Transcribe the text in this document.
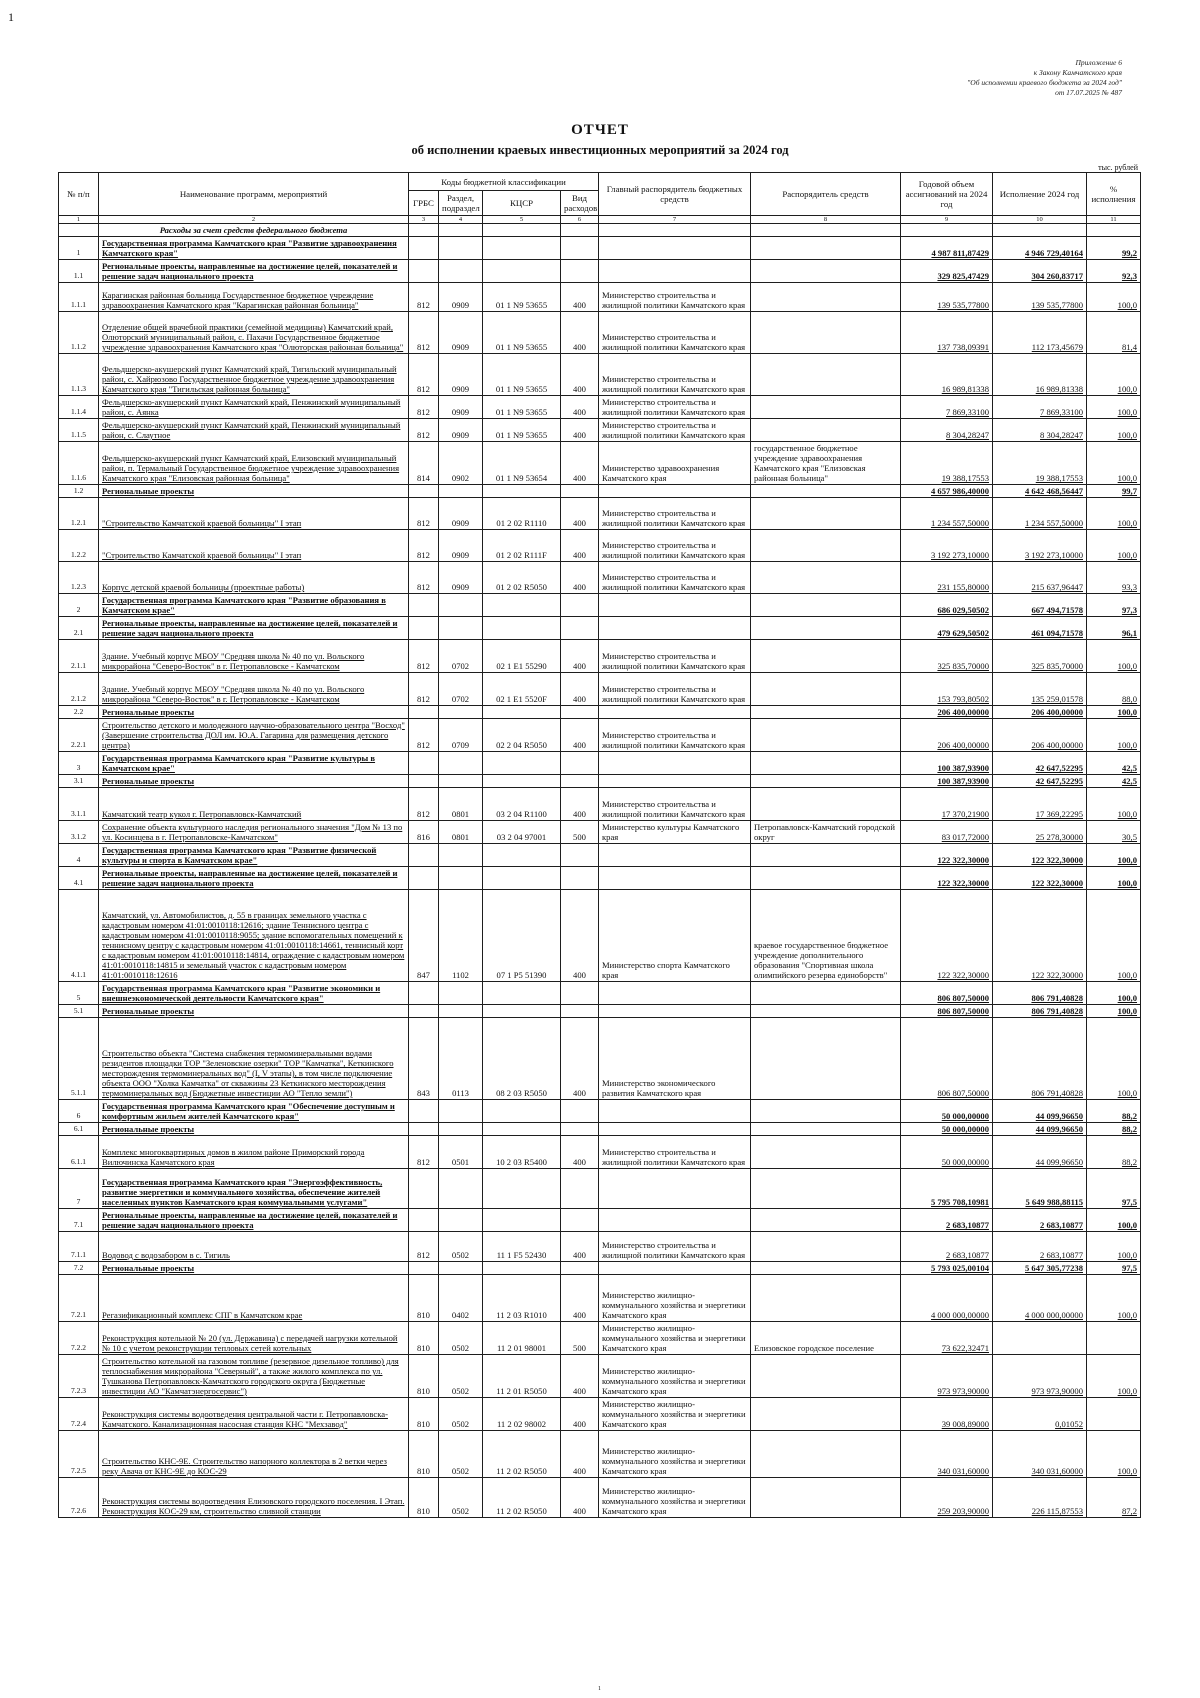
1
Приложение 6
к Закону Камчатского края
"Об исполнении краевого бюджета за 2024 год"
от 17.07.2025 № 487
ОТЧЕТ
об исполнении краевых инвестиционных мероприятий за 2024 год
тыс. рублей
№ п/п	Наименование программ, мероприятий	Коды бюджетной классификации				Главный распорядитель бюджетных средств	Распорядитель средств	Годовой объем ассигнований на 2024 год	Исполнение 2024 год	% исполнения
		ГРБС	Раздел, подраздел	КЦСР	Вид расходов					
1	2	3	4	5	6	7	8	9	10	11
	Расходы за счет средств федерального бюджета									
1	Государственная программа Камчатского края "Развитие здравоохранения Камчатского края"							4 987 811,87429	4 946 729,40164	99,2
1.1	Региональные проекты, направленные на достижение целей, показателей и решение задач национального проекта							329 825,47429	304 260,83717	92,3
1.1.1	Карагинская районная больница Государственное бюджетное учреждение здравоохранения Камчатского края "Карагинская районная больница"	812	0909	01 1 N9 53655	400	Министерство строительства и жилищной политики Камчатского края		139 535,77800	139 535,77800	100,0
1.1.2	Отделение общей врачебной практики (семейной медицины) Камчатский край, Олюторский муниципальный район, с. Пахачи Государственное бюджетное учреждение здравоохранения Камчатского края "Олюторская районная больница"	812	0909	01 1 N9 53655	400	Министерство строительства и жилищной политики Камчатского края		137 738,09391	112 173,45679	81,4
1.1.3	Фельдшерско-акушерский пункт Камчатский край, Тигильский муниципальный район, с. Хайрюзово Государственное бюджетное учреждение здравоохранения Камчатского края "Тигильская районная больница"	812	0909	01 1 N9 53655	400	Министерство строительства и жилищной политики Камчатского края		16 989,81338	16 989,81338	100,0
1.1.4	Фельдшерско-акушерский пункт Камчатский край, Пенжинский муниципальный район, с. Аянка	812	0909	01 1 N9 53655	400	Министерство строительства и жилищной политики Камчатского края		7 869,33100	7 869,33100	100,0
1.1.5	Фельдшерско-акушерский пункт Камчатский край, Пенжинский муниципальный район, с. Слаутное	812	0909	01 1 N9 53655	400	Министерство строительства и жилищной политики Камчатского края		8 304,28247	8 304,28247	100,0
1.1.6	Фельдшерско-акушерский пункт Камчатский край, Елизовский муниципальный район, п. Термальный Государственное бюджетное учреждение здравоохранения Камчатского края "Елизовская районная больница"	814	0902	01 1 N9 53654	400	Министерство здравоохранения Камчатского края	государственное бюджетное учреждение здравоохранения Камчатского края "Елизовская районная больница"	19 388,17553	19 388,17553	100,0
1.2	Региональные проекты							4 657 986,40000	4 642 468,56447	99,7
1.2.1	"Строительство Камчатской краевой больницы" I этап	812	0909	01 2 02 R1110	400	Министерство строительства и жилищной политики Камчатского края		1 234 557,50000	1 234 557,50000	100,0
1.2.2	"Строительство Камчатской краевой больницы" I этап	812	0909	01 2 02 R111F	400	Министерство строительства и жилищной политики Камчатского края		3 192 273,10000	3 192 273,10000	100,0
1.2.3	Корпус детской краевой больницы (проектные работы)	812	0909	01 2 02 R5050	400	Министерство строительства и жилищной политики Камчатского края		231 155,80000	215 637,96447	93,3
2	Государственная программа Камчатского края "Развитие образования в Камчатском крае"							686 029,50502	667 494,71578	97,3
2.1	Региональные проекты, направленные на достижение целей, показателей и решение задач национального проекта							479 629,50502	461 094,71578	96,1
2.1.1	Здание. Учебный корпус МБОУ "Средняя школа № 40 по ул. Вольского микрорайона "Северо-Восток" в г. Петропавловске - Камчатском	812	0702	02 1 E1 55290	400	Министерство строительства и жилищной политики Камчатского края		325 835,70000	325 835,70000	100,0
2.1.2	Здание. Учебный корпус МБОУ "Средняя школа № 40 по ул. Вольского микрорайона "Северо-Восток" в г. Петропавловске - Камчатском	812	0702	02 1 E1 5520F	400	Министерство строительства и жилищной политики Камчатского края		153 793,80502	135 259,01578	88,0
2.2	Региональные проекты							206 400,00000	206 400,00000	100,0
2.2.1	Строительство детского и молодежного научно-образовательного центра "Восход" (Завершение строительства ДОЛ им. Ю.А. Гагарина для размещения детского центра)	812	0709	02 2 04 R5050	400	Министерство строительства и жилищной политики Камчатского края		206 400,00000	206 400,00000	100,0
3	Государственная программа Камчатского края "Развитие культуры в Камчатском крае"							100 387,93900	42 647,52295	42,5
3.1	Региональные проекты							100 387,93900	42 647,52295	42,5
3.1.1	Камчатский театр кукол г. Петропавловск-Камчатский	812	0801	03 2 04 R1100	400	Министерство строительства и жилищной политики Камчатского края		17 370,21900	17 369,22295	100,0
3.1.2	Сохранение объекта культурного наследия регионального значения "Дом № 13 по ул. Косинцева в г. Петропавловске-Камчатском"	816	0801	03 2 04 97001	500	Министерство культуры Камчатского края	Петропавловск-Камчатский городской округ	83 017,72000	25 278,30000	30,5
4	Государственная программа Камчатского края "Развитие физической культуры и спорта в Камчатском крае"							122 322,30000	122 322,30000	100,0
4.1	Региональные проекты, направленные на достижение целей, показателей и решение задач национального проекта							122 322,30000	122 322,30000	100,0
4.1.1	Камчатский, ул. Автомобилистов, д. 55 в границах земельного участка с кадастровым номером 41:01:0010118:12616; здание Теннисного центра с кадастровым номером 41:01:0010118:9055; здание вспомогательных помещений к теннисному центру с кадастровым номером 41:01:0010118:14661, теннисный корт с кадастровым номером 41:01:0010118:14814, ограждение с кадастровым номером 41:01:0010118:14815 и земельный участок с кадастровым номером 41:01:0010118:12616	847	1102	07 1 P5 51390	400	Министерство спорта Камчатского края	краевое государственное бюджетное учреждение дополнительного образования "Спортивная школа олимпийского резерва единоборств"	122 322,30000	122 322,30000	100,0
5	Государственная программа Камчатского края "Развитие экономики и внешнеэкономической деятельности Камчатского края"							806 807,50000	806 791,40828	100,0
5.1	Региональные проекты							806 807,50000	806 791,40828	100,0
5.1.1	Строительство объекта "Система снабжения термоминеральными водами резидентов площадки ТОР "Зеленовские озерки" ТОР "Камчатка", Кеткинского месторождения термоминеральных вод" (I, V этапы), в том числе подключение объекта ООО "Холка Камчатка" от скважины 23 Кеткинского месторождения термоминеральных вод (Бюджетные инвестиции АО "Тепло земли")	843	0113	08 2 03 R5050	400	Министерство экономического развития Камчатского края		806 807,50000	806 791,40828	100,0
6	Государственная программа Камчатского края "Обеспечение доступным и комфортным жильем жителей Камчатского края"							50 000,00000	44 099,96650	88,2
6.1	Региональные проекты							50 000,00000	44 099,96650	88,2
6.1.1	Комплекс многоквартирных домов в жилом районе Приморский города Вилючинска Камчатского края	812	0501	10 2 03 R5400	400	Министерство строительства и жилищной политики Камчатского края		50 000,00000	44 099,96650	88,2
7	Государственная программа Камчатского края "Энергоэффективность, развитие энергетики и коммунального хозяйства, обеспечение жителей населенных пунктов Камчатского края коммунальными услугами"							5 795 708,10981	5 649 988,88115	97,5
7.1	Региональные проекты, направленные на достижение целей, показателей и решение задач национального проекта							2 683,10877	2 683,10877	100,0
7.1.1	Водовод с водозабором в с. Тигиль	812	0502	11 1 F5 52430	400	Министерство строительства и жилищной политики Камчатского края		2 683,10877	2 683,10877	100,0
7.2	Региональные проекты							5 793 025,00104	5 647 305,77238	97,5
7.2.1	Регазификационный комплекс СПГ в Камчатском крае	810	0402	11 2 03 R1010	400	Министерство жилищно-коммунального хозяйства и энергетики Камчатского края		4 000 000,00000	4 000 000,00000	100,0
7.2.2	Реконструкция котельной № 20 (ул. Державина) с передачей нагрузки котельной № 10 с учетом реконструкции тепловых сетей котельных	810	0502	11 2 01 98001	500	Министерство жилищно-коммунального хозяйства и энергетики Камчатского края	Елизовское городское поселение	73 622,32471		
7.2.3	Строительство котельной на газовом топливе (резервное дизельное топливо) для теплоснабжения микрорайона "Северный", а также жилого комплекса по ул. Тушканова Петропавловск-Камчатского городского округа (Бюджетные инвестиции АО "Камчатэнергосервис")	810	0502	11 2 01 R5050	400	Министерство жилищно-коммунального хозяйства и энергетики Камчатского края		973 973,90000	973 973,90000	100,0
7.2.4	Реконструкция системы водоотведения центральной части г. Петропавловска-Камчатского. Канализационная насосная станция КНС "Мехзавод"	810	0502	11 2 02 98002	400	Министерство жилищно-коммунального хозяйства и энергетики Камчатского края		39 008,89000	0,01052	
7.2.5	Строительство КНС-9Е. Строительство напорного коллектора в 2 ветки через реку Авача от КНС-9Е до КОС-29	810	0502	11 2 02 R5050	400	Министерство жилищно-коммунального хозяйства и энергетики Камчатского края		340 031,60000	340 031,60000	100,0
7.2.6	Реконструкция системы водоотведения Елизовского городского поселения. I Этап. Реконструкция КОС-29 км, строительство сливной станции	810	0502	11 2 02 R5050	400	Министерство жилищно-коммунального хозяйства и энергетики Камчатского края		259 203,90000	226 115,87553	87,2
1
